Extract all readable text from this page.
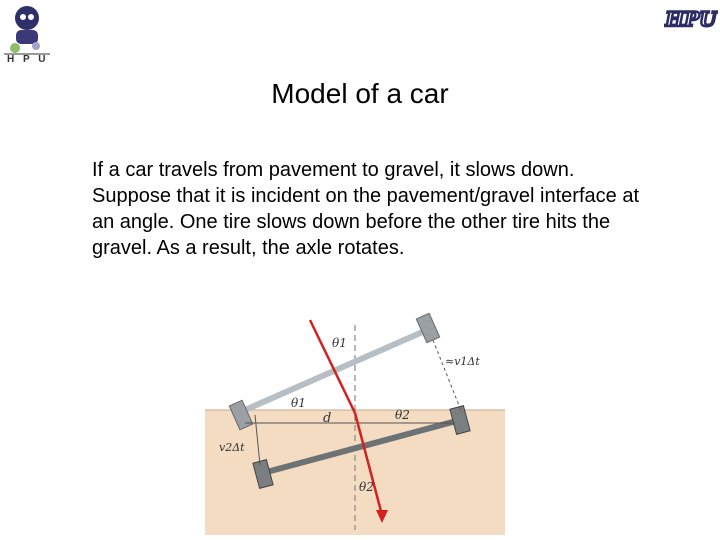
H P U
HPU
Model of a car
If a car travels from pavement to gravel, it slows down. Suppose that it is incident on the pavement/gravel interface at an angle. One tire slows down before the other tire hits the gravel. As a result, the axle rotates.
θ1
θ1
θ2
θ2
d
≈v1Δt
v2Δt
